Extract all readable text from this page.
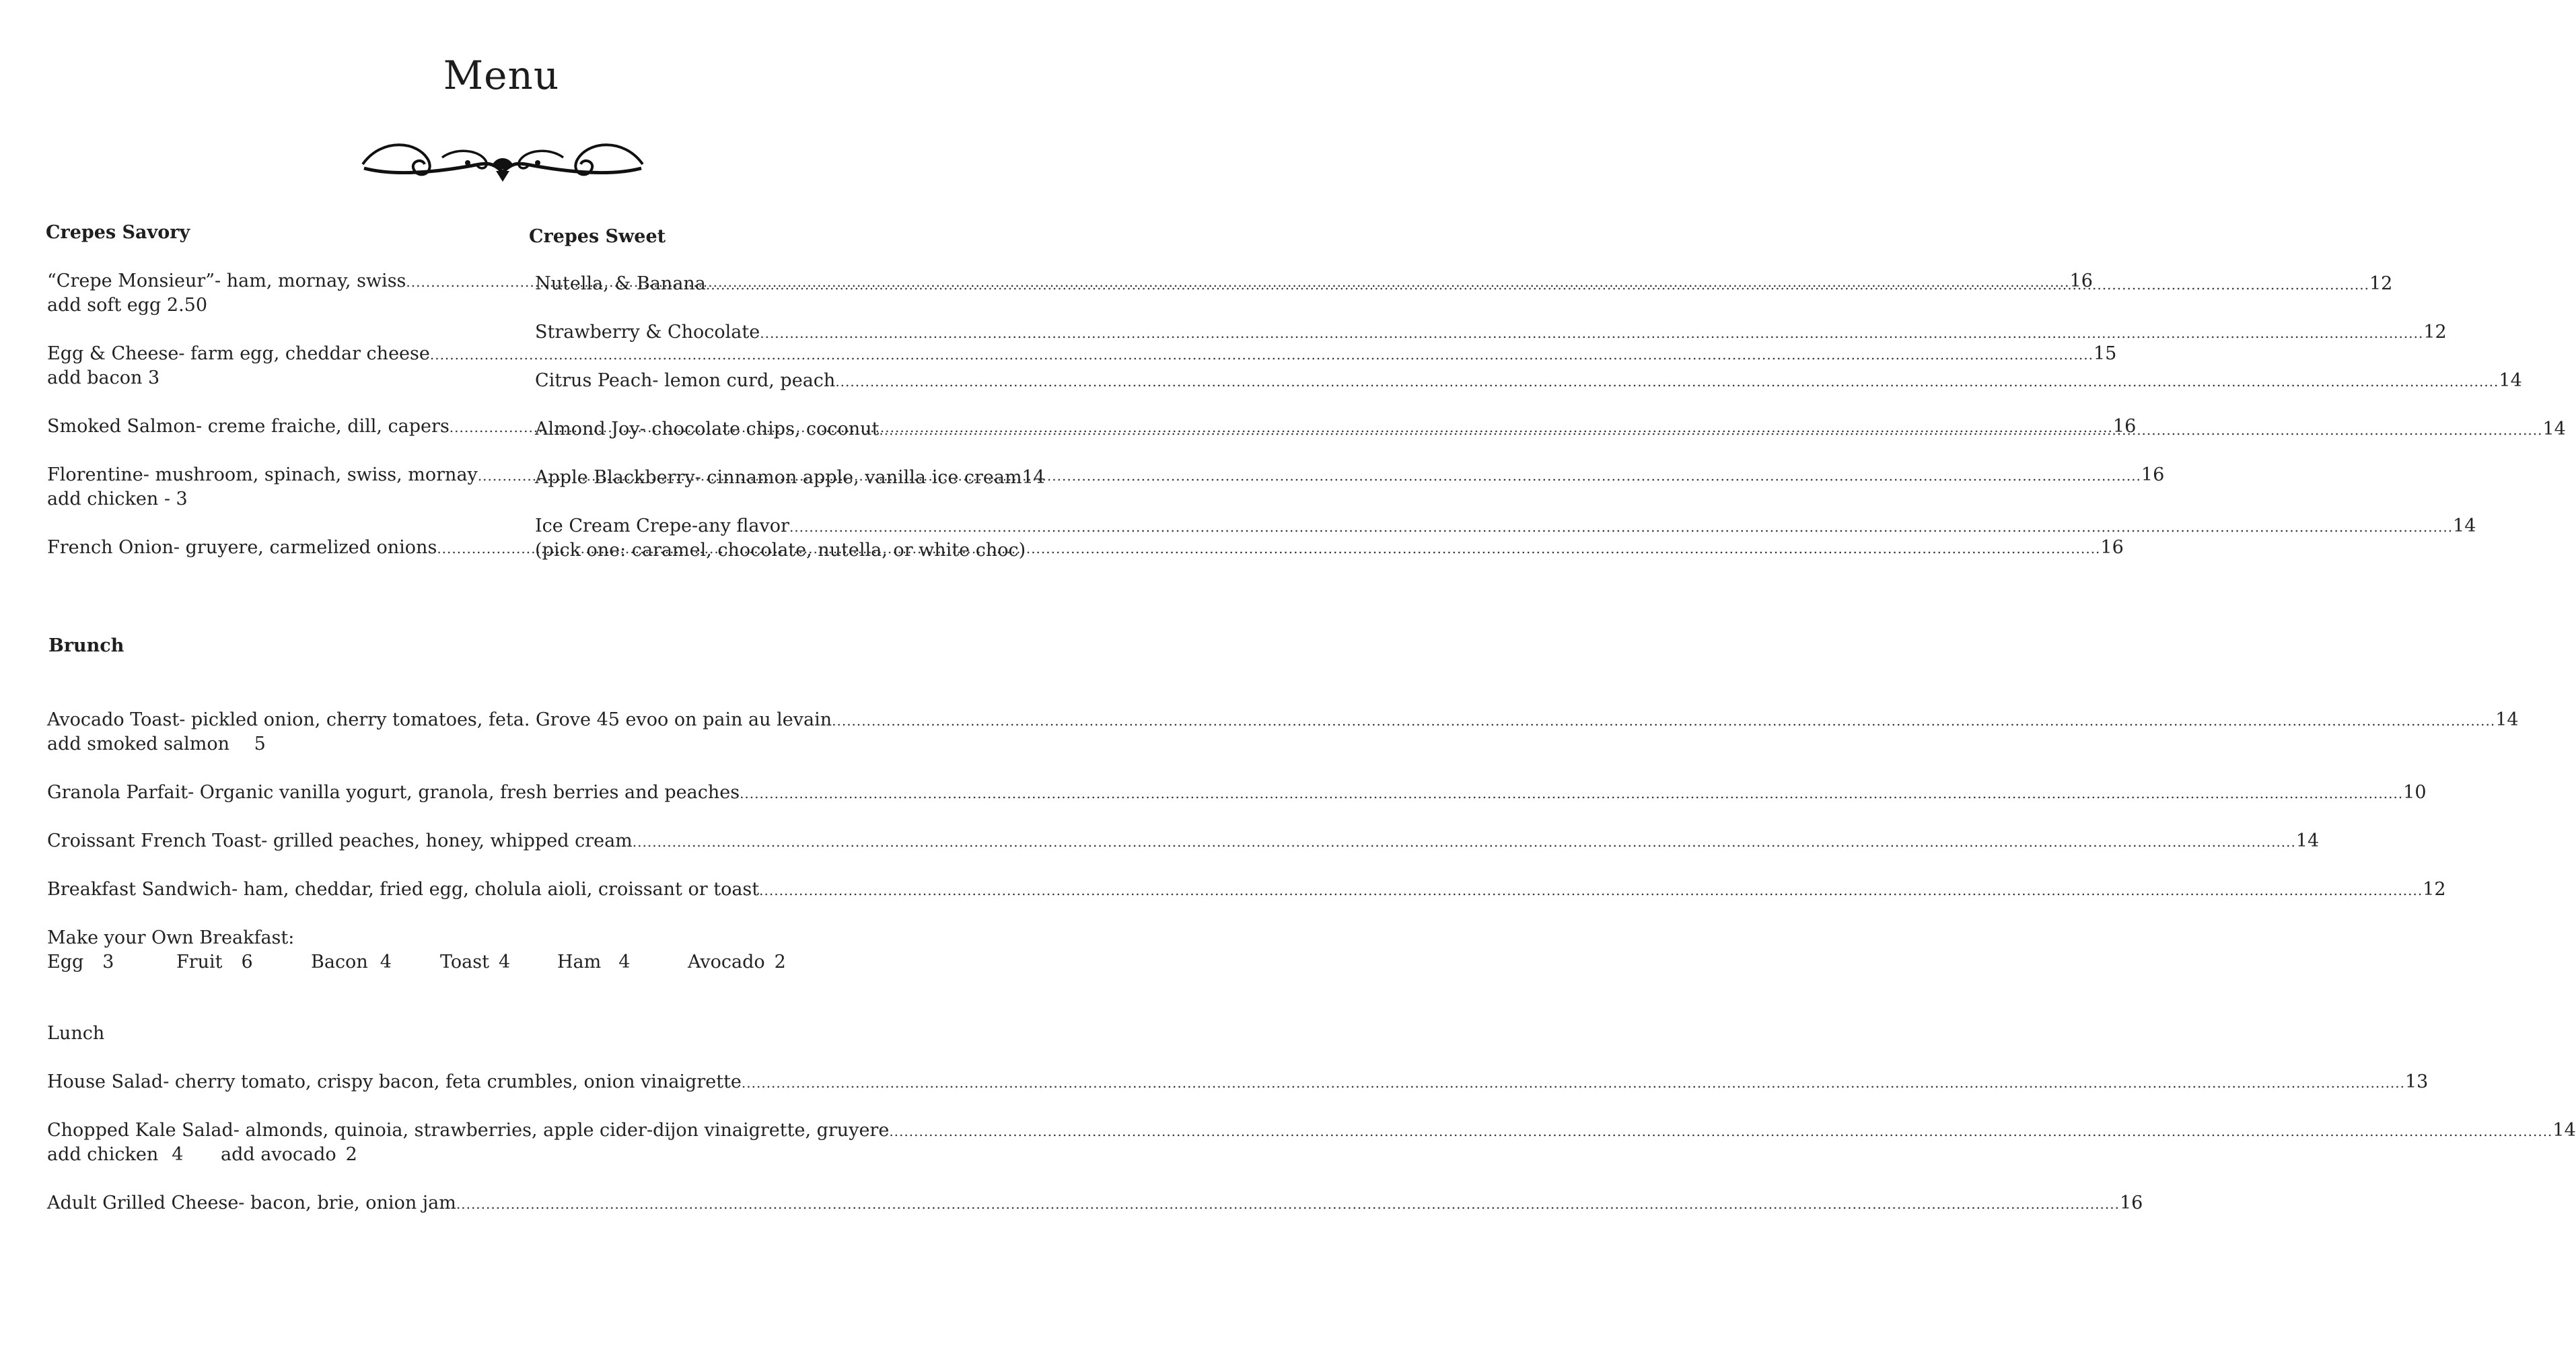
Menu
Crepes Savory
“Crepe Monsieur”- ham, mornay, swiss .....	16
add soft egg 2.50
Egg & Cheese- farm egg, cheddar cheese .....	15
add bacon 3
Smoked Salmon- creme fraiche, dill, capers .....	16
Florentine- mushroom, spinach, swiss, mornay .....	16
add chicken - 3
French Onion- gruyere, carmelized onions .....	16
Crepes Sweet
Nutella, & Banana .....	12
Strawberry & Chocolate .....	12
Citrus Peach- lemon curd, peach .....	14
Almond Joy- chocolate chips, coconut .....	14
Apple Blackberry- cinnamon apple, vanilla ice cream 14
Ice Cream Crepe-any flavor .....	14
(pick one: caramel, chocolate, nutella, or white choc)
Brunch
Avocado Toast- pickled onion, cherry tomatoes, feta. Grove 45 evoo on pain au levain .....	14
add smoked salmon 5
Granola Parfait- Organic vanilla yogurt, granola, fresh berries and peaches .....	10
Croissant French Toast- grilled peaches, honey, whipped cream .....	14
Breakfast Sandwich- ham, cheddar, fried egg, cholula aioli, croissant or toast .....	12
Make your Own Breakfast:
Egg 3	Fruit 6	Bacon 4	Toast 4	Ham 4	Avocado 2
Lunch
House Salad- cherry tomato, crispy bacon, feta crumbles, onion vinaigrette .....	13
Chopped Kale Salad- almonds, quinoia, strawberries, apple cider-dijon vinaigrette, gruyere .....	14
add chicken 4 add avocado 2
Adult Grilled Cheese- bacon, brie, onion jam .....	16
